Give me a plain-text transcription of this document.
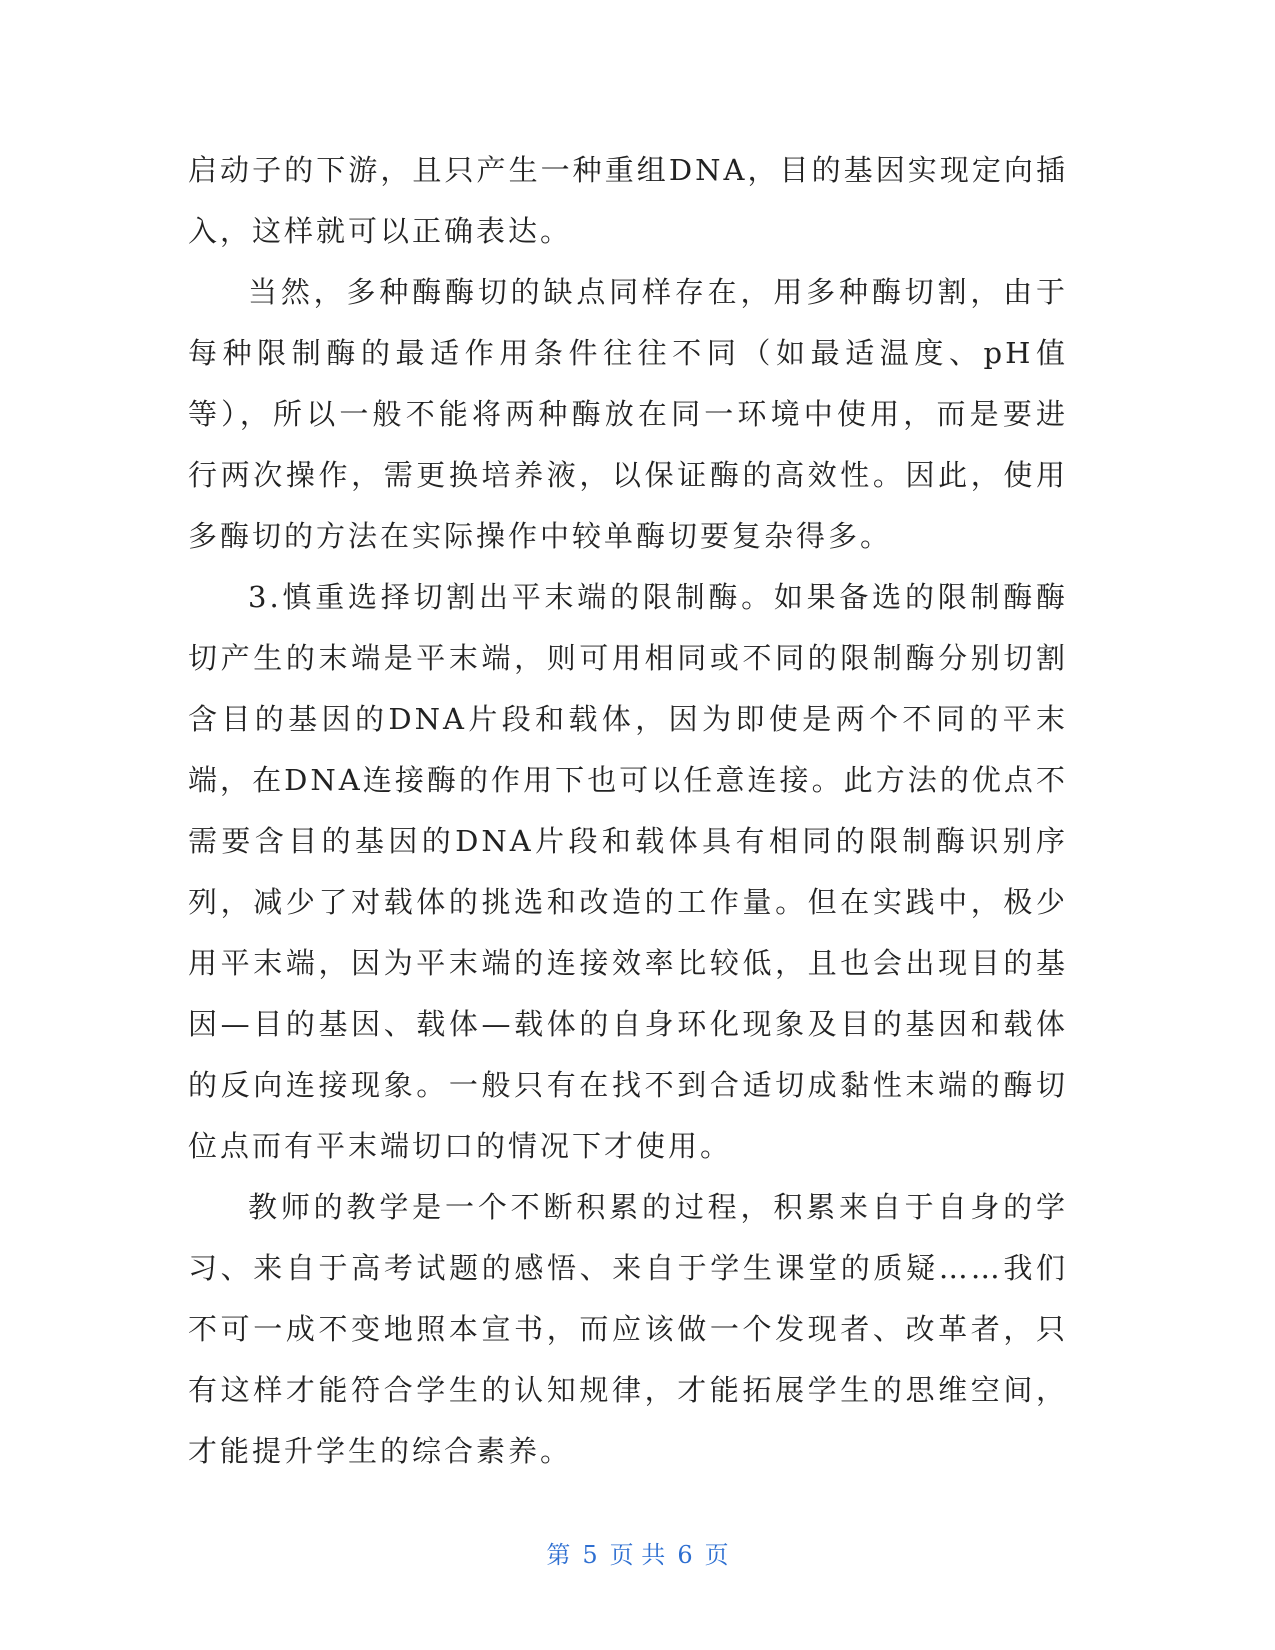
启动子的下游，且只产生一种重组DNA，目的基因实现定向插入，这样就可以正确表达。

当然，多种酶酶切的缺点同样存在，用多种酶切割，由于每种限制酶的最适作用条件往往不同（如最适温度、pH值等），所以一般不能将两种酶放在同一环境中使用，而是要进行两次操作，需更换培养液，以保证酶的高效性。因此，使用多酶切的方法在实际操作中较单酶切要复杂得多。

3.慎重选择切割出平末端的限制酶。如果备选的限制酶酶切产生的末端是平末端，则可用相同或不同的限制酶分别切割含目的基因的DNA片段和载体，因为即使是两个不同的平末端，在DNA连接酶的作用下也可以任意连接。此方法的优点不需要含目的基因的DNA片段和载体具有相同的限制酶识别序列，减少了对载体的挑选和改造的工作量。但在实践中，极少用平末端，因为平末端的连接效率比较低，且也会出现目的基因—目的基因、载体—载体的自身环化现象及目的基因和载体的反向连接现象。一般只有在找不到合适切成黏性末端的酶切位点而有平末端切口的情况下才使用。

教师的教学是一个不断积累的过程，积累来自于自身的学习、来自于高考试题的感悟、来自于学生课堂的质疑……我们不可一成不变地照本宣书，而应该做一个发现者、改革者，只有这样才能符合学生的认知规律，才能拓展学生的思维空间，才能提升学生的综合素养。

第 5 页 共 6 页
